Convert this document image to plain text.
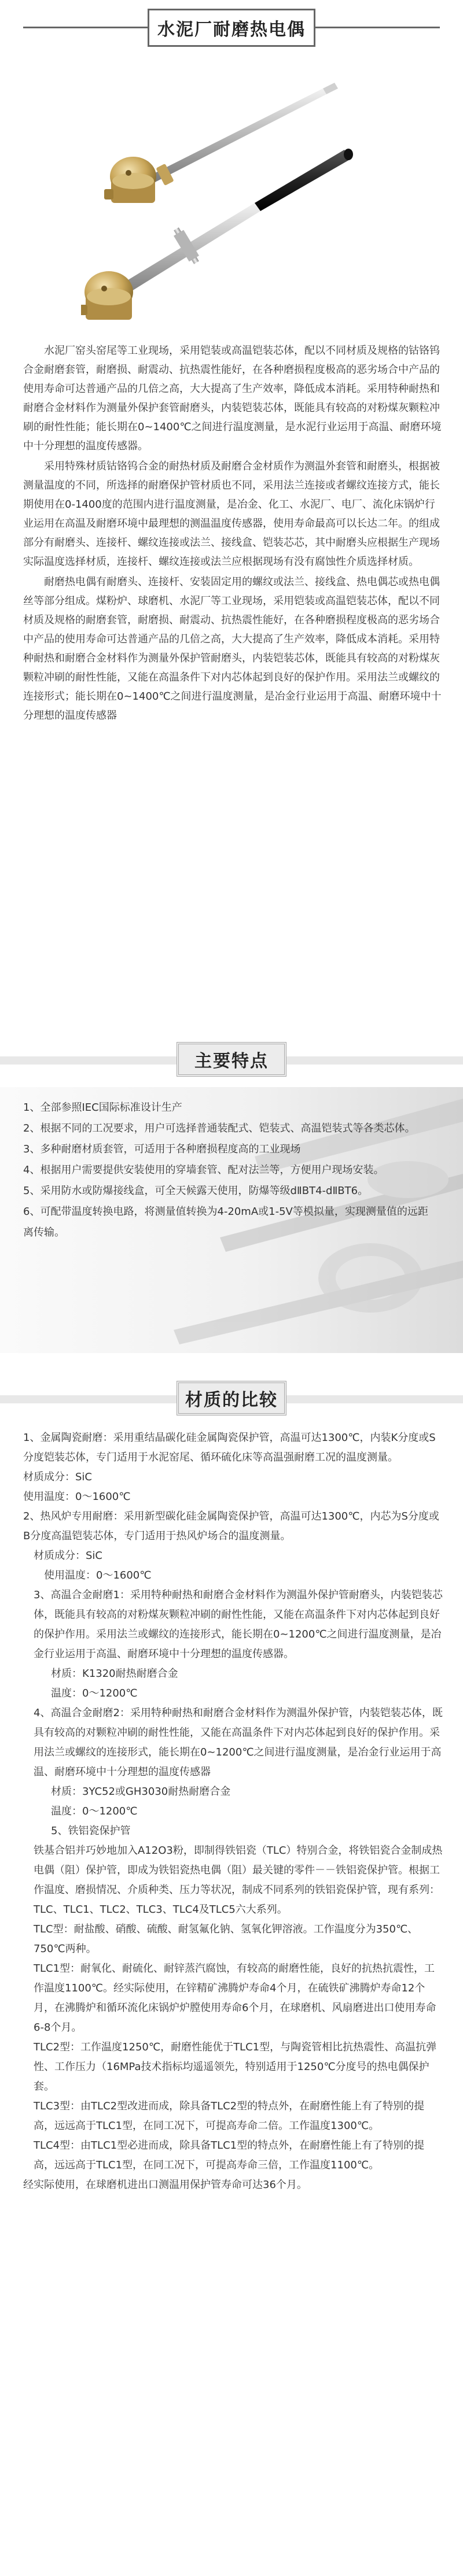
水泥厂耐磨热电偶

水泥厂窑头窑尾等工业现场，采用铠装或高温铠装芯体，配以不同材质及规格的钴铬钨合金耐磨套管，耐磨损、耐震动、抗热震性能好，在各种磨损程度极高的恶劣场合中产品的使用寿命可达普通产品的几倍之高，大大提高了生产效率，降低成本消耗。采用特种耐热和耐磨合金材料作为测量外保护套管耐磨头，内装铠装芯体，既能具有较高的对粉煤灰颗粒冲刷的耐性性能；能长期在0~1400℃之间进行温度测量，是水泥行业运用于高温、耐磨环境中十分理想的温度传感器。

采用特殊材质钴铬钨合金的耐热材质及耐磨合金材质作为测温外套管和耐磨头，根据被测量温度的不同，所选择的耐磨保护管材质也不同，采用法兰连接或者螺纹连接方式，能长期使用在0-1400度的范围内进行温度测量，是冶金、化工、水泥厂、电厂、流化床锅炉行业运用在高温及耐磨环境中最理想的测温温度传感器，使用寿命最高可以长达二年。的组成部分有耐磨头、连接杆、螺纹连接或法兰、接线盒、铠装芯芯，其中耐磨头应根据生产现场实际温度选择材质，连接杆、螺纹连接或法兰应根据现场有没有腐蚀性介质选择材质。

耐磨热电偶有耐磨头、连接杆、安装固定用的螺纹或法兰、接线盒、热电偶芯或热电偶丝等部分组成。煤粉炉、球磨机、水泥厂等工业现场，采用铠装或高温铠装芯体，配以不同材质及规格的耐磨套管，耐磨损、耐震动、抗热震性能好，在各种磨损程度极高的恶劣场合中产品的使用寿命可达普通产品的几倍之高，大大提高了生产效率，降低成本消耗。采用特种耐热和耐磨合金材料作为测量外保护管耐磨头，内装铠装芯体，既能具有较高的对粉煤灰颗粒冲刷的耐性性能，又能在高温条件下对内芯体起到良好的保护作用。采用法兰或螺纹的连接形式；能长期在0~1400℃之间进行温度测量，是冶金行业运用于高温、耐磨环境中十分理想的温度传感器

主要特点

1、全部参照IEC国际标准设计生产

2、根据不同的工况要求，用户可选择普通装配式、铠装式、高温铠装式等各类芯体。

3、多种耐磨材质套管，可适用于各种磨损程度高的工业现场

4、根据用户需要提供安装使用的穿墙套管、配对法兰等，方便用户现场安装。

5、采用防水或防爆接线盒，可全天候露天使用，防爆等级dⅡBT4-dⅡBT6。

6、可配带温度转换电路，将测量值转换为4-20mA或1-5V等模拟量，实现测量值的远距离传输。

材质的比较

1、金属陶瓷耐磨：采用重结晶碳化硅金属陶瓷保护管，高温可达1300℃，内装K分度或S分度铠装芯体，专门适用于水泥窑尾、循环硫化床等高温强耐磨工况的温度测量。

材质成分：SiC

使用温度：0～1600℃

2、热风炉专用耐磨：采用新型碳化硅金属陶瓷保护管，高温可达1300℃，内芯为S分度或B分度高温铠装芯体，专门适用于热风炉场合的温度测量。

材质成分：SiC

使用温度：0～1600℃

3、高温合金耐磨1：采用特种耐热和耐磨合金材料作为测温外保护管耐磨头，内装铠装芯体，既能具有较高的对粉煤灰颗粒冲刷的耐性性能，又能在高温条件下对内芯体起到良好的保护作用。采用法兰或螺纹的连接形式，能长期在0~1200℃之间进行温度测量，是冶金行业运用于高温、耐磨环境中十分理想的温度传感器。

材质：K1320耐热耐磨合金

温度：0～1200℃

4、高温合金耐磨2：采用特种耐热和耐磨合金材料作为测温外保护管，内装铠装芯体，既具有较高的对颗粒冲刷的耐性性能，又能在高温条件下对内芯体起到良好的保护作用。采用法兰或螺纹的连接形式，能长期在0~1200℃之间进行温度测量，是冶金行业运用于高温、耐磨环境中十分理想的温度传感器

材质：3YC52或GH3030耐热耐磨合金

温度：0～1200℃

5、铁铝瓷保护管

铁基合铝并巧妙地加入A12O3粉，即制得铁铝瓷（TLC）特别合金，将铁铝瓷合金制成热电偶（阻）保护管，即成为铁铝瓷热电偶（阻）最关键的零件－－铁铝瓷保护管。根据工作温度、磨损情况、介质种类、压力等状况，制成不同系列的铁铝瓷保护管，现有系列：TLC、TLC1、TLC2、TLC3、TLC4及TLC5六大系列。

TLC型：耐盐酸、硝酸、硫酸、耐氢氟化钠、氢氧化钾溶液。工作温度分为350℃、750℃两种。

TLC1型：耐氧化、耐硫化、耐锌蒸汽腐蚀，有较高的耐磨性能，良好的抗热抗震性，工作温度1100℃。经实际使用，在锌精矿沸腾炉寿命4个月，在硫铁矿沸腾炉寿命12个月，在沸腾炉和循环流化床锅炉炉膛使用寿命6个月，在球磨机、风扇磨进出口使用寿命6-8个月。

TLC2型：工作温度1250℃，耐磨性能优于TLC1型，与陶瓷管相比抗热震性、高温抗弹性、工作压力（16MPa技术指标均遥遥领先，特别适用于1250℃分度号的热电偶保护套。

TLC3型：由TLC2型改进而成，除具备TLC2型的特点外，在耐磨性能上有了特别的提高，远远高于TLC1型，在同工况下，可提高寿命二倍。工作温度1300℃。

TLC4型：由TLC1型必进而成，除具备TLC1型的特点外，在耐磨性能上有了特别的提高，远远高于TLC1型，在同工况下，可提高寿命三倍，工作温度1100℃。

经实际使用，在球磨机进出口测温用保护管寿命可达36个月。
